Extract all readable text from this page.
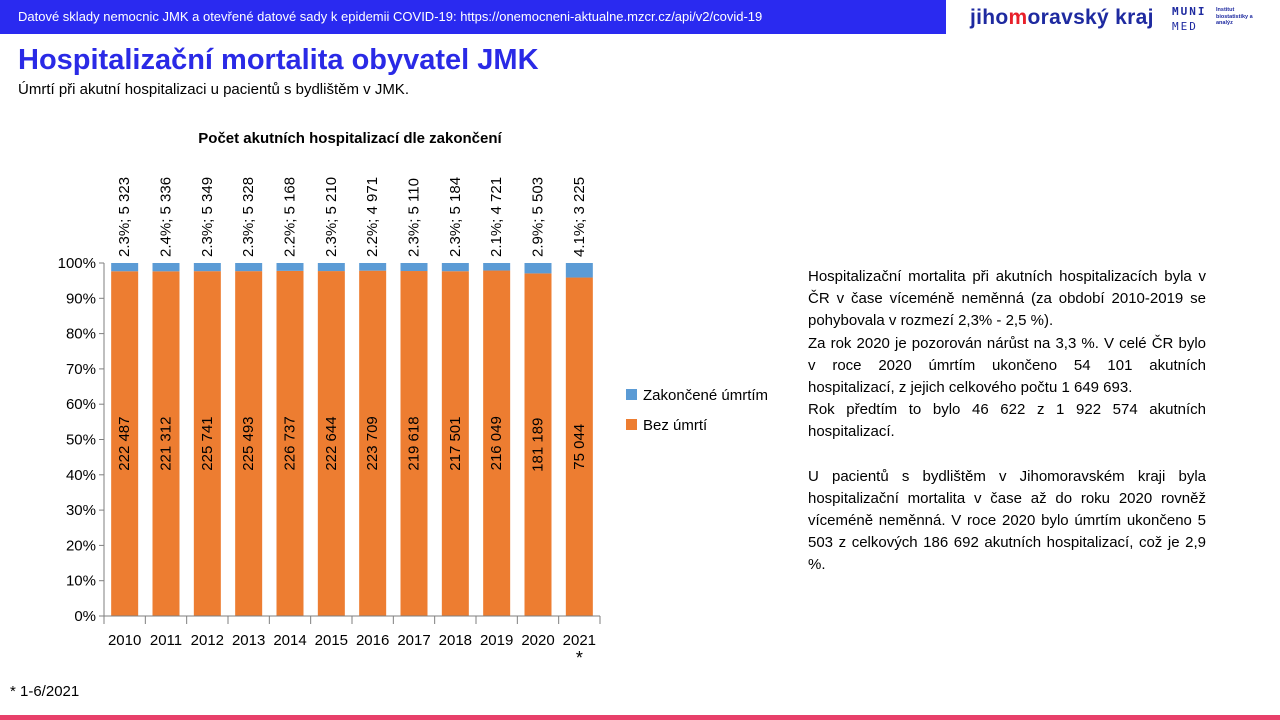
Datové sklady nemocnic JMK a otevřené datové sady k epidemii COVID-19: https://onemocneni-aktualne.mzcr.cz/api/v2/covid-19	jihomoravský kraj MUNI
MED
Institut biostatistiky a analýz
Hospitalizační mortalita obyvatel JMK
Úmrtí při akutní hospitalizaci u pacientů s bydlištěm v JMK.
Počet akutních hospitalizací dle zakončení
0%
10%
20%
30%
40%
50%
60%
70%
80%
90%
100%
222 487
2.3%; 5 323
2010
221 312
2.4%; 5 336
2011
225 741
2.3%; 5 349
2012
225 493
2.3%; 5 328
2013
226 737
2.2%; 5 168
2014
222 644
2.3%; 5 210
2015
223 709
2.2%; 4 971
2016
219 618
2.3%; 5 110
2017
217 501
2.3%; 5 184
2018
216 049
2.1%; 4 721
2019
181 189
2.9%; 5 503
2020
75 044
4.1%; 3 225
2021
*
Zakončené úmrtím
Bez úmrtí

Hospitalizační mortalita při akutních hospitalizacích byla v ČR v čase víceméně neměnná (za období 2010-2019 se pohybovala v rozmezí 2,3% - 2,5 %).

Za rok 2020 je pozorován nárůst na 3,3 %. V celé ČR bylo v roce 2020 úmrtím ukončeno 54 101 akutních hospitalizací, z jejich celkového počtu 1 649 693.

Rok předtím to bylo 46 622 z 1 922 574 akutních hospitalizací.

U pacientů s bydlištěm v Jihomoravském kraji byla hospitalizační mortalita v čase až do roku 2020 rovněž víceméně neměnná. V roce 2020 bylo úmrtím ukončeno 5 503 z celkových 186 692 akutních hospitalizací, což je 2,9 %.

* 1-6/2021
